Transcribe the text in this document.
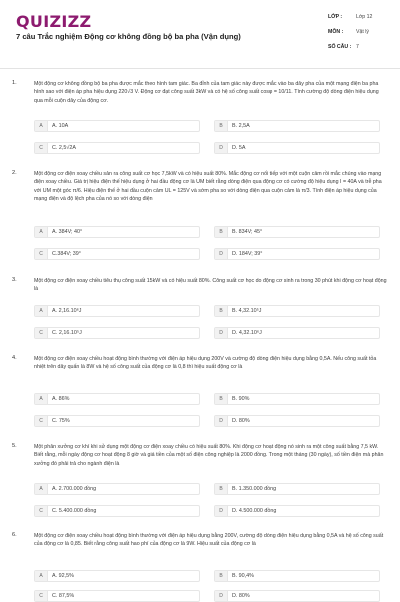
QUIZIZZ
7 câu Trắc nghiệm Động cơ không đồng bộ ba pha (Vận dụng)
LỚP :	Lớp 12
MÔN :	Vật lý
SỐ CÂU : 7
1.	Một động cơ không đồng bộ ba pha được mắc theo hình tam giác. Ba đỉnh của tam giác này được mắc vào ba dây pha của một mạng điện ba pha hình sao với điện áp pha hiệu dụng 220√3 V. Động cơ đạt công suất 3kW và có hệ số công suất cosφ = 10/11. Tính cường độ dòng điện hiệu dụng qua mỗi cuộn dây của động cơ.
A	A. 10A	B	B. 2,5A
C	C. 2,5√2A	D	D. 5A
2.	Một động cơ điện xoay chiều sản ra công suất cơ học 7,5kW và có hiệu suất 80%. Mắc động cơ nối tiếp với một cuộn cảm rồi mắc chúng vào mạng điện xoay chiều. Giá trị hiệu điện thế hiệu dụng ở hai đầu động cơ là UM biết rằng dòng điện qua động cơ có cường độ hiệu dụng I = 40A và trễ pha với UM một góc π/6. Hiệu điện thế ở hai đầu cuộn cảm UL = 125V và sớm pha so với dòng điện qua cuộn cảm là π/3. Tính điện áp hiệu dụng của mạng điện và độ lệch pha của nó so với dòng điện
A	A. 384V; 40°	B	B. 834V; 45°
C	C.384V; 39°	D	D. 184V; 39°
3.	Một động cơ điện xoay chiều tiêu thụ công suất 15kW và có hiệu suất 80%. Công suất cơ học do động cơ sinh ra trong 30 phút khi động cơ hoạt động là
A	A. 2,16.10⁶J	B	B. 4,32.10⁵J
C	C. 2,16.10⁵J	D	D. 4,32.10⁶J
4.	Một động cơ điện xoay chiều hoạt động bình thường với điện áp hiệu dụng 200V và cường độ dòng điện hiệu dụng bằng 0,5A. Nếu công suất tỏa nhiệt trên dây quấn là 8W và hệ số công suất của động cơ là 0,8 thì hiệu suất động cơ là
A	A. 86%	B	B. 90%
C	C. 75%	D	D. 80%
5.	Một phân xưởng cơ khí khi sử dụng một động cơ điện xoay chiều có hiệu suất 80%. Khi động cơ hoạt động nó sinh ra một công suất bằng 7,5 kW. Biết rằng, mỗi ngày động cơ hoạt động 8 giờ và giá tiền của một số điện công nghiệp là 2000 đồng. Trong một tháng (30 ngày), số tiền điện mà phân xưởng đó phải trả cho ngành điện là
A	A. 2.700.000 đồng	B	B. 1.350.000 đồng
C	C. 5.400.000 đồng	D	D. 4.500.000 đồng
6.	Một động cơ điện xoay chiều hoạt động bình thường với điện áp hiệu dụng bằng 200V, cường độ dòng điện hiệu dụng bằng 0,5A và hệ số công suất của động cơ là 0,85. Biết rằng công suất hao phí của động cơ là 9W. Hiệu suất của động cơ là
A	A. 92,5%	B	B. 90,4%
C	C. 87,5%	D	D. 80%
